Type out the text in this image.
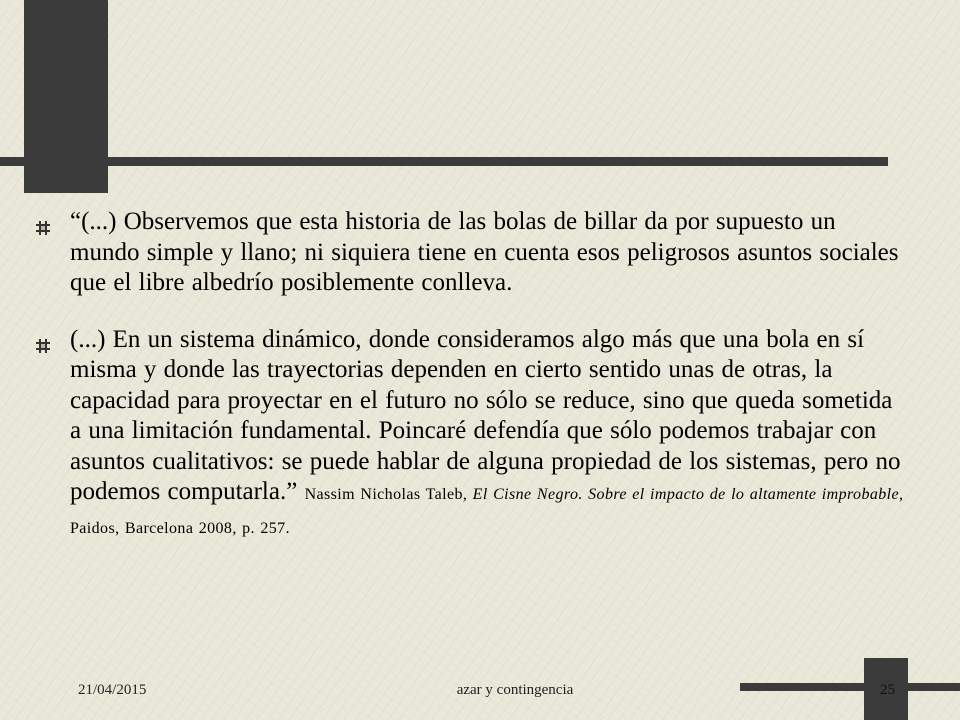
“(...) Observemos que esta historia de las bolas de billar da por supuesto un mundo simple y llano; ni siquiera tiene en cuenta esos peligrosos asuntos sociales que el libre albedrío posiblemente conlleva.
(...) En un sistema dinámico, donde consideramos algo más que una bola en sí misma y donde las trayectorias dependen en cierto sentido unas de otras, la capacidad para proyectar en el futuro no sólo se reduce, sino que queda sometida a una limitación fundamental. Poincaré defendía que sólo podemos trabajar con asuntos cualitativos: se puede hablar de alguna propiedad de los sistemas, pero no podemos computarla.” Nassim Nicholas Taleb, El Cisne Negro. Sobre el impacto de lo altamente improbable, Paidos, Barcelona 2008, p. 257.
21/04/2015	azar y contingencia	25
